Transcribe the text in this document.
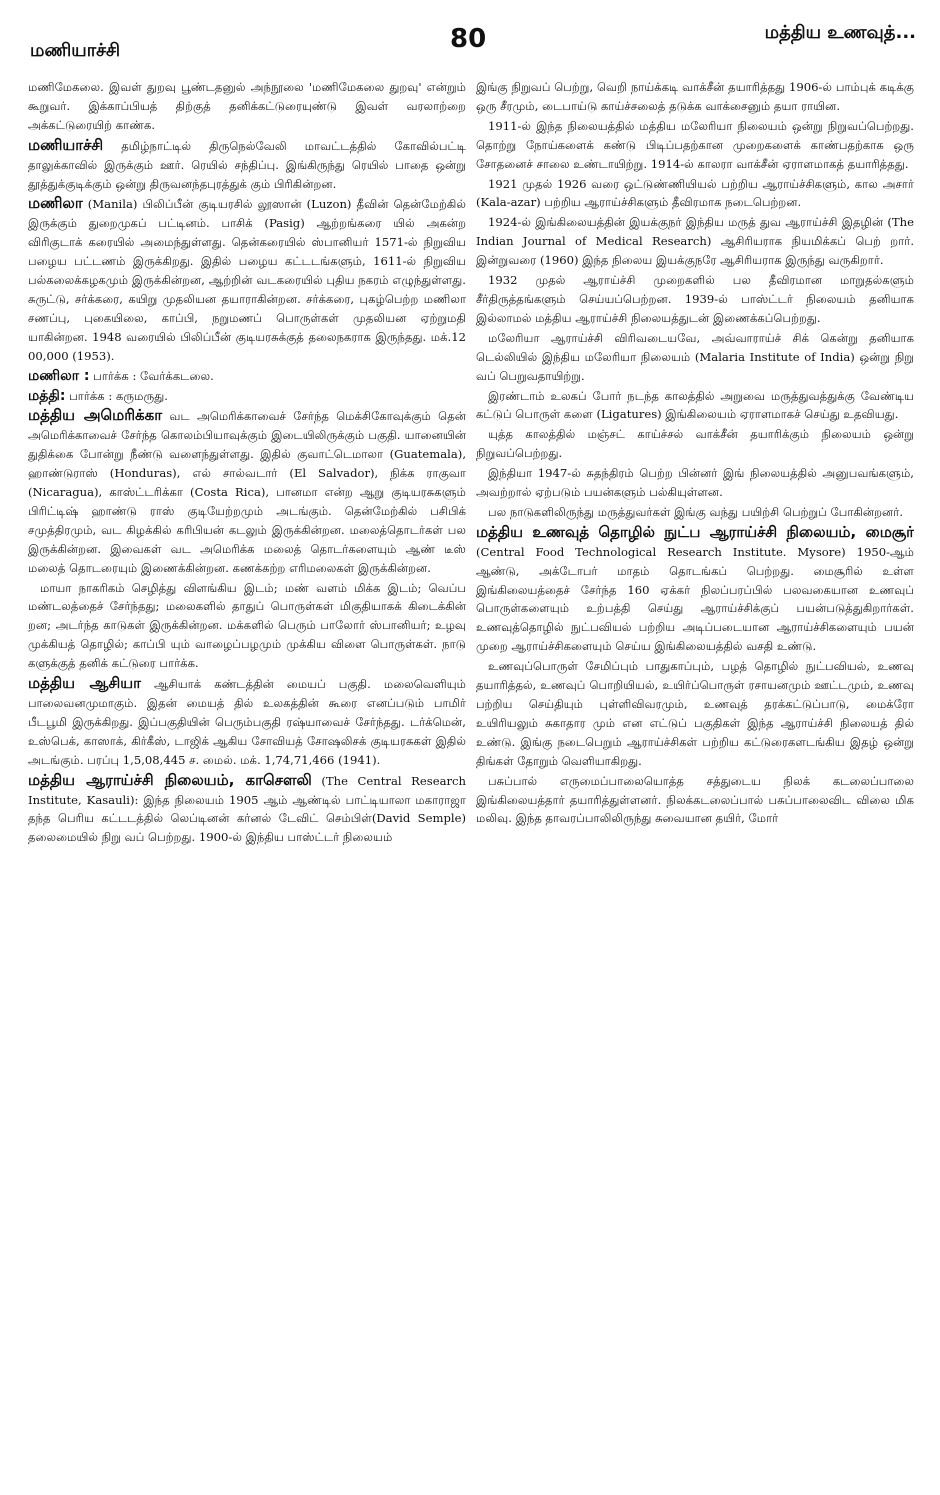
மணியாச்சி	80	மத்திய உணவுத்...

மணிமேகலை. இவள் துறவு பூண்டதனுல் அந்நூலை 'மணிமேகலை துறவு' என்றும் கூறுவர். இக்காப்பியத் திற்குத் தனிக்கட்டுரையுண்டு இவள் வரலாற்றை அக்கட்டுரையிற் காண்க.

மணியாச்சி தமிழ்நாட்டில் திருநெல்வேலி மாவட்டத்தில் கோவில்பட்டி தாலுக்காவில் இருக்கும் ஊர். ரெயில் சந்திப்பு. இங்கிருந்து ரெயில் பாதை ஒன்று தூத்துக்குடிக்கும் ஒன்று திருவனந்தபுரத்துக் கும் பிரிகின்றன.

மணிலா (Manila) பிலிப்பீன் குடியரசில் லூஸான் (Luzon) தீவின் தென்மேற்கில் இருக்கும் துறைமுகப் பட்டினம். பாசிக் (Pasig) ஆற்றங்கரை யில் அகன்ற விரிகுடாக் கரையில் அமைந்துள்ளது. தென்கரையில் ஸ்பானியர் 1571-ல் நிறுவிய பழைய பட்டணம் இருக்கிறது. இதில் பழைய கட்டடங்களும், 1611-ல் நிறுவிய பல்கலைக்கழகமும் இருக்கின்றன, ஆற்றின் வடகரையில் புதிய நகரம் எழுந்துள்ளது. சுருட்டு, சர்க்கரை, கயிறு முதலியன தயாராகின்றன. சர்க்கரை, புகழ்பெற்ற மணிலா சணப்பு, புகையிலை, காப்பி, நறுமணப் பொருள்கள் முதலியன ஏற்றுமதி யாகின்றன. 1948 வரையில் பிலிப்பீன் குடியரசுக்குத் தலைநகராக இருந்தது. மக்.12 00,000 (1953).

மணிலா : பார்க்க : வேர்க்கடலை.

மத்தி: பார்க்க : கருமருது.

மத்திய அமெரிக்கா வட அமெரிக்காவைச் சேர்ந்த மெக்சிகோவுக்கும் தென் அமெரிக்காவைச் சேர்ந்த கொலம்பியாவுக்கும் இடையிலிருக்கும் பகுதி. யானையின் துதிக்கை போன்று நீண்டு வளைந்துள்ளது. இதில் குவாட்டெமாலா (Guatemala), ஹாண்டுராஸ் (Honduras), எல் சால்வடார் (El Salvador), நிக்க ராகுவா (Nicaragua), காஸ்ட்டரிக்கா (Costa Rica), பானமா என்ற ஆறு குடியரசுகளும் பிரிட்டிஷ் ஹாண்டு ராஸ் குடியேற்றமும் அடங்கும். தென்மேற்கில் பசிபிக் சமுத்திரமும், வட கிழக்கில் கரிபியன் கடலும் இருக்கின்றன. மலைத்தொடர்கள் பல இருக்கின்றன. இவைகள் வட அமெரிக்க மலைத் தொடர்களையும் ஆண் டீஸ் மலைத் தொடரையும் இணைக்கின்றன. கணக்கற்ற எரிமலைகள் இருக்கின்றன.

மாயா நாகரிகம் செழித்து விளங்கிய இடம்; மண் வளம் மிக்க இடம்; வெப்ப மண்டலத்தைச் சேர்ந்தது; மலைகளில் தாதுப் பொருள்கள் மிகுதியாகக் கிடைக்கின் றன; அடர்ந்த காடுகள் இருக்கின்றன. மக்களில் பெரும் பாலோர் ஸ்பானியர்; உழவு முக்கியத் தொழில்; காப்பி யும் வாழைப்பழமும் முக்கிய விளை பொருள்கள். நாடு களுக்குத் தனிக் கட்டுரை பார்க்க.

மத்திய ஆசியா ஆசியாக் கண்டத்தின் மையப் பகுதி. மலைவெளியும் பாலைவனமுமாகும். இதன் மையத் தில் உலகத்தின் கூரை எனப்படும் பாமிர் பீடபூமி இருக்கிறது. இப்பகுதியின் பெரும்பகுதி ரஷ்யாவைச் சேர்ந்தது. டர்க்மென், உஸ்பெக், காஸாக், கிர்கீஸ், டாஜிக் ஆகிய சோவியத் சோஷலிசக் குடியரசுகள் இதில் அடங்கும். பரப்பு 1,5,08,445 ச. மைல். மக். 1,74,71,466 (1941).

மத்திய ஆராய்ச்சி நிலையம், காசௌலி (The Central Research Institute, Kasauli): இந்த நிலையம் 1905 ஆம் ஆண்டில் பாட்டியாலா மகாராஜா தந்த பெரிய கட்டடத்தில் லெப்டினன் கர்னல் டேவிட் செம்பிள்(David Semple) தலைமையில் நிறு வப் பெற்றது. 1900-ல் இந்திய பாஸ்ட்டர் நிலையம்

இங்கு நிறுவப் பெற்று, வெறி நாய்க்கடி வாக்சீன் தயாரித்தது 1906-ல் பாம்புக் கடிக்கு ஒரு சீரமும், டைபாய்டு காய்ச்சலைத் தடுக்க வாக்சைனும் தயா ராயின.

1911-ல் இந்த நிலையத்தில் மத்திய மலேரியா நிலையம் ஒன்று நிறுவப்பெற்றது. தொற்று நோய்களைக் கண்டு பிடிப்பதற்கான முறைகளைக் காண்பதற்காக ஒரு சோதனைச் சாலை உண்டாயிற்று. 1914-ல் காலரா வாக்சீன் ஏராளமாகத் தயாரித்தது.

1921 முதல் 1926 வரை ஒட்டுண்ணியியல் பற்றிய ஆராய்ச்சிகளும், கால அசார் (Kala-azar) பற்றிய ஆராய்ச்சிகளும் தீவிரமாக நடைபெற்றன.

1924-ல் இங்கிலையத்தின் இயக்குநர் இந்திய மருத் துவ ஆராய்ச்சி இதழின் (The Indian Journal of Medical Research) ஆசிரியராக நியமிக்கப் பெற் றார். இன்றுவரை (1960) இந்த நிலைய இயக்குநரே ஆசிரியராக இருந்து வருகிறார்.

1932 முதல் ஆராய்ச்சி முறைகளில் பல தீவிரமான மாறுதல்களும் சீர்திருத்தங்களும் செய்யப்பெற்றன. 1939-ல் பாஸ்ட்டர் நிலையம் தனியாக இல்லாமல் மத்திய ஆராய்ச்சி நிலையத்துடன் இணைக்கப்பெற்றது.

மலேரியா ஆராய்ச்சி விரிவடையவே, அவ்வாராய்ச் சிக் கென்று தனியாக டெல்லியில் இந்திய மலேரியா நிலையம் (Malaria Institute of India) ஒன்று நிறு வப் பெறுவதாயிற்று.

இரண்டாம் உலகப் போர் நடந்த காலத்தில் அறுவை மருத்துவத்துக்கு வேண்டிய கட்டுப் பொருள் களை (Ligatures) இங்கிலையம் ஏராளமாகச் செய்து உதவியது.

யுத்த காலத்தில் மஞ்சட் காய்ச்சல் வாக்சீன் தயாரிக்கும் நிலையம் ஒன்று நிறுவப்பெற்றது.

இந்தியா 1947-ல் சுதந்திரம் பெற்ற பின்னர் இங் நிலையத்தில் அனுபவங்களும், அவற்றால் ஏற்படும் பயன்களும் பல்கியுள்ளன.

பல நாடுகளிலிருந்து மருத்துவர்கள் இங்கு வந்து பயிற்சி பெற்றுப் போகின்றனர்.

மத்திய உணவுத் தொழில் நுட்ப ஆராய்ச்சி நிலையம், மைசூர் (Central Food Technological Research Institute. Mysore) 1950-ஆம் ஆண்டு, அக்டோபர் மாதம் தொடங்கப் பெற்றது. மைசூரில் உள்ள இங்கிலையத்தைச் சேர்ந்த 160 ஏக்கர் நிலப்பரப்பில் பலவகையான உணவுப் பொருள்களையும் உற்பத்தி செய்து ஆராய்ச்சிக்குப் பயன்படுத்துகிறார்கள். உணவுத்தொழில் நுட்பவியல் பற்றிய அடிப்படையான ஆராய்ச்சிகளையும் பயன் முறை ஆராய்ச்சிகளையும் செய்ய இங்கிலையத்தில் வசதி உண்டு.

உணவுப்பொருள் சேமிப்பும் பாதுகாப்பும், பழத் தொழில் நுட்பவியல், உணவு தயாரித்தல், உணவுப் பொறியியல், உயிர்ப்பொருள் ரசாயனமும் ஊட்டமும், உணவு பற்றிய செய்தியும் புள்ளிவிவரமும், உணவுத் தரக்கட்டுப்பாடு, மைக்ரோ உயிரியலும் சுகாதார மும் என எட்டுப் பகுதிகள் இந்த ஆராய்ச்சி நிலையத் தில் உண்டு. இங்கு நடைபெறும் ஆராய்ச்சிகள் பற்றிய கட்டுரைகளடங்கிய இதழ் ஒன்று திங்கள் தோறும் வெளியாகிறது.

பசுப்பால் எருமைப்பாலையொத்த சத்துடைய நிலக் கடலைப்பாலை இங்கிலையத்தார் தயாரித்துள்ளனர். நிலக்கடலைப்பால் பசுப்பாலைவிட விலை மிக மலிவு. இந்த தாவரப்பாலிலிருந்து சுவையான தயிர், மோர்
